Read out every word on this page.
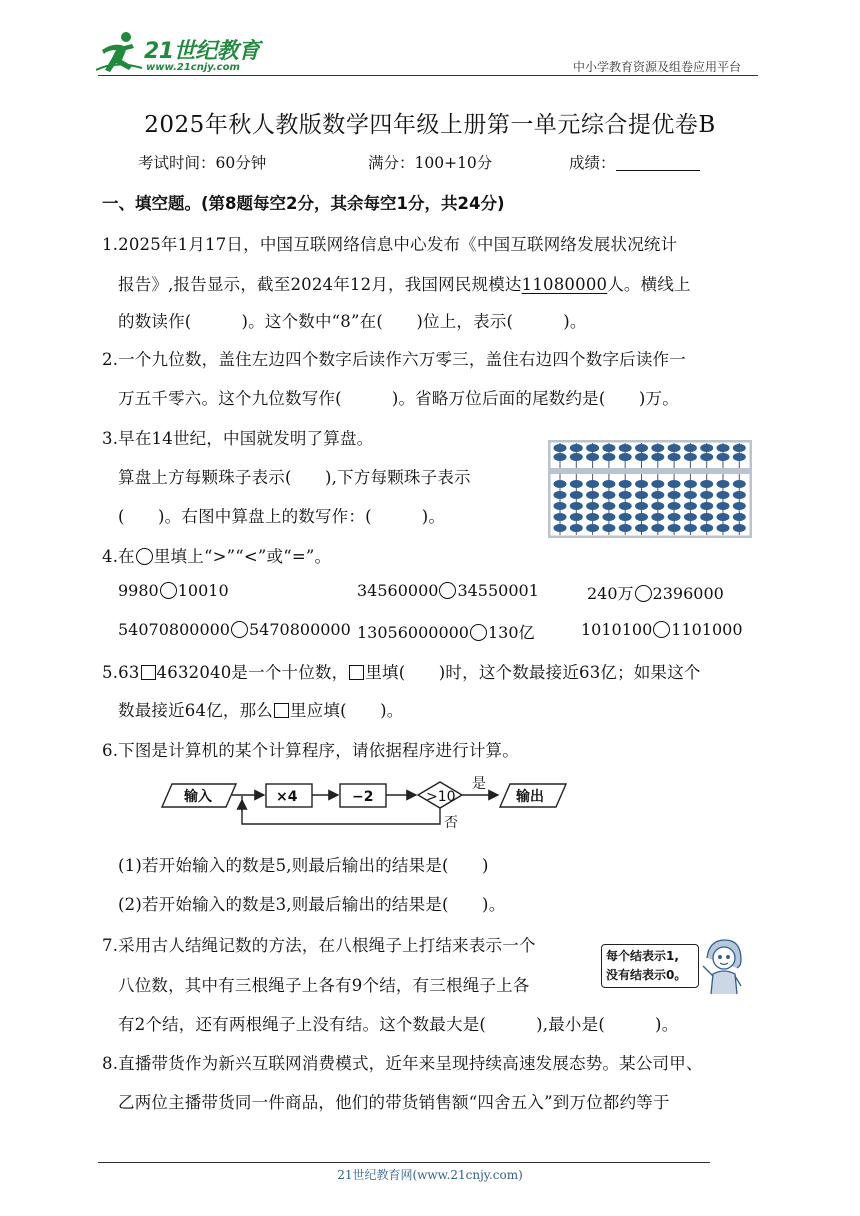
21世纪教育
www.21cnjy.com	中小学教育资源及组卷应用平台
2025年秋人教版数学四年级上册第一单元综合提优卷B
考试时间：60分钟	满分：100+10分	成绩：
一、填空题。(第8题每空2分，其余每空1分，共24分)
1.2025年1月17日，中国互联网络信息中心发布《中国互联网络发展状况统计
报告》,报告显示，截至2024年12月，我国网民规模达11080000人。横线上
的数读作(　　　)。这个数中“8”在(　　)位上，表示(　　　)。
2.一个九位数，盖住左边四个数字后读作六万零三，盖住右边四个数字后读作一
万五千零六。这个九位数写作(　　　)。省略万位后面的尾数约是(　　)万。
3.早在14世纪，中国就发明了算盘。
算盘上方每颗珠子表示(　　),下方每颗珠子表示
(　　)。右图中算盘上的数写作：(　　　)。
4.在 里填上“>”“<”或“=”。
9980 10010	34560000 34550001	240万 2396000
54070800000 5470800000 13056000000 130亿	1010100 1101000
5.63 4632040是一个十位数， 里填(　　)时，这个数最接近63亿；如果这个
数最接近64亿，那么 里应填(　　)。
6.下图是计算机的某个计算程序，请依据程序进行计算。
输入	×4	−2	>10
是
否
输出
(1)若开始输入的数是5,则最后输出的结果是(　　)
(2)若开始输入的数是3,则最后输出的结果是(　　)。
7.采用古人结绳记数的方法，在八根绳子上打结来表示一个
八位数，其中有三根绳子上各有9个结，有三根绳子上各
有2个结，还有两根绳子上没有结。这个数最大是(　　　),最小是(　　　)。
每个结表示1,
没有结表示0。
8.直播带货作为新兴互联网消费模式，近年来呈现持续高速发展态势。某公司甲、
乙两位主播带货同一件商品，他们的带货销售额“四舍五入”到万位都约等于
21世纪教育网(www.21cnjy.com)
